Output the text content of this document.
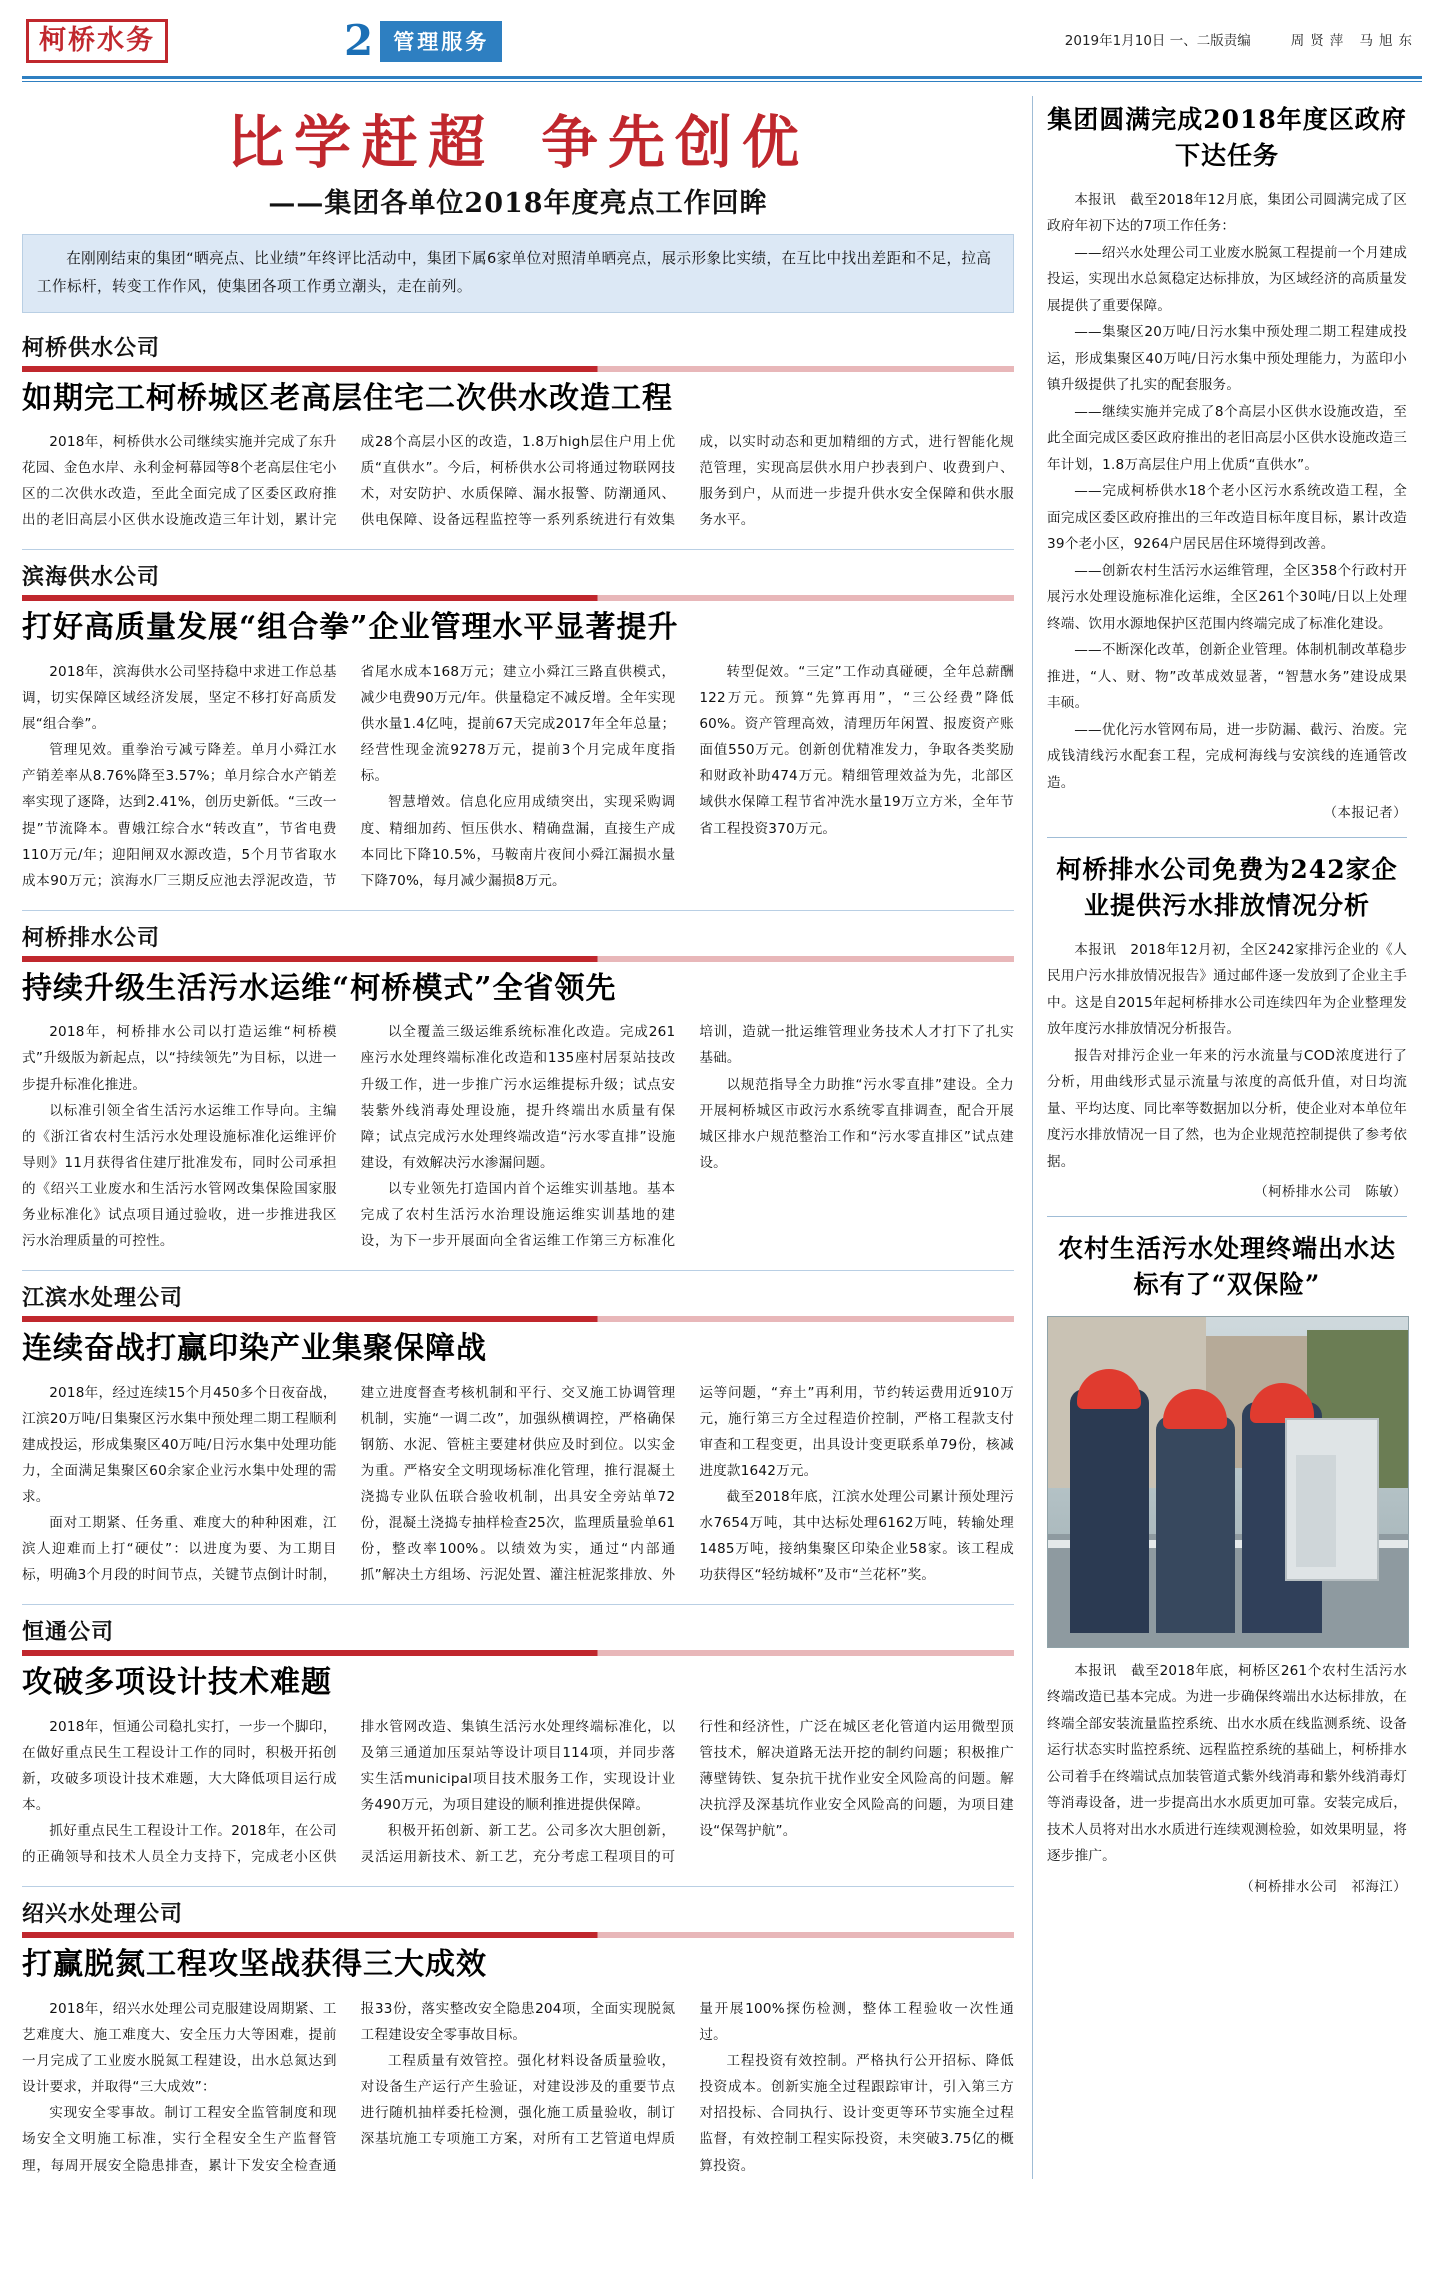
柯桥水务	2 管理服务	2019年1月10日 一、二版责编	周贤萍 马旭东
比学赶超 争先创优
——集团各单位2018年度亮点工作回眸
在刚刚结束的集团“晒亮点、比业绩”年终评比活动中，集团下属6家单位对照清单晒亮点，展示形象比实绩，在互比中找出差距和不足，拉高工作标杆，转变工作作风，使集团各项工作勇立潮头，走在前列。
柯桥供水公司
如期完工柯桥城区老高层住宅二次供水改造工程

2018年，柯桥供水公司继续实施并完成了东升花园、金色水岸、永利金柯幕园等8个老高层住宅小区的二次供水改造，至此全面完成了区委区政府推出的老旧高层小区供水设施改造三年计划，累计完成28个高层小区的改造，1.8万high层住户用上优质“直供水”。今后，柯桥供水公司将通过物联网技术，对安防护、水质保障、漏水报警、防潮通风、供电保障、设备远程监控等一系列系统进行有效集成，以实时动态和更加精细的方式，进行智能化规范管理，实现高层供水用户抄表到户、收费到户、服务到户，从而进一步提升供水安全保障和供水服务水平。

滨海供水公司
打好高质量发展“组合拳”企业管理水平显著提升

2018年，滨海供水公司坚持稳中求进工作总基调，切实保障区域经济发展，坚定不移打好高质发展“组合拳”。

管理见效。重拳治亏减亏降差。单月小舜江水产销差率从8.76%降至3.57%；单月综合水产销差率实现了逐降，达到2.41%，创历史新低。“三改一提”节流降本。曹娥江综合水“转改直”，节省电费110万元/年；迎阳闸双水源改造，5个月节省取水成本90万元；滨海水厂三期反应池去浮泥改造，节省尾水成本168万元；建立小舜江三路直供模式，减少电费90万元/年。供量稳定不减反增。全年实现供水量1.4亿吨，提前67天完成2017年全年总量；经营性现金流9278万元，提前3个月完成年度指标。

智慧增效。信息化应用成绩突出，实现采购调度、精细加药、恒压供水、精确盘漏，直接生产成本同比下降10.5%，马鞍南片夜间小舜江漏损水量下降70%，每月减少漏损8万元。

转型促效。“三定”工作动真碰硬，全年总薪酬122万元。预算“先算再用”，“三公经费”降低60%。资产管理高效，清理历年闲置、报废资产账面值550万元。创新创优精准发力，争取各类奖励和财政补助474万元。精细管理效益为先，北部区域供水保障工程节省冲洗水量19万立方米，全年节省工程投资370万元。

柯桥排水公司
持续升级生活污水运维“柯桥模式”全省领先

2018年，柯桥排水公司以打造运维“柯桥模式”升级版为新起点，以“持续领先”为目标，以进一步提升标准化推进。

以标准引领全省生活污水运维工作导向。主编的《浙江省农村生活污水处理设施标准化运维评价导则》11月获得省住建厅批准发布，同时公司承担的《绍兴工业废水和生活污水管网改集保险国家服务业标准化》试点项目通过验收，进一步推进我区污水治理质量的可控性。

以全覆盖三级运维系统标准化改造。完成261座污水处理终端标准化改造和135座村居泵站技改升级工作，进一步推广污水运维提标升级；试点安装紫外线消毒处理设施，提升终端出水质量有保障；试点完成污水处理终端改造“污水零直排”设施建设，有效解决污水渗漏问题。

以专业领先打造国内首个运维实训基地。基本完成了农村生活污水治理设施运维实训基地的建设，为下一步开展面向全省运维工作第三方标准化培训，造就一批运维管理业务技术人才打下了扎实基础。

以规范指导全力助推“污水零直排”建设。全力开展柯桥城区市政污水系统零直排调查，配合开展城区排水户规范整治工作和“污水零直排区”试点建设。

江滨水处理公司
连续奋战打赢印染产业集聚保障战

2018年，经过连续15个月450多个日夜奋战，江滨20万吨/日集聚区污水集中预处理二期工程顺利建成投运，形成集聚区40万吨/日污水集中处理功能力，全面满足集聚区60余家企业污水集中处理的需求。

面对工期紧、任务重、难度大的种种困难，江滨人迎难而上打“硬仗”：以进度为要、为工期目标，明确3个月段的时间节点，关键节点倒计时制，建立进度督查考核机制和平行、交叉施工协调管理机制，实施“一调二改”，加强纵横调控，严格确保钢筋、水泥、管桩主要建材供应及时到位。以实金为重。严格安全文明现场标准化管理，推行混凝土浇捣专业队伍联合验收机制，出具安全旁站单72份，混凝土浇捣专抽样检查25次，监理质量验单61份，整改率100%。以绩效为实，通过“内部通抓”解决土方组场、污泥处置、灌注桩泥浆排放、外运等问题，“弃土”再利用，节约转运费用近910万元，施行第三方全过程造价控制，严格工程款支付审查和工程变更，出具设计变更联系单79份，核减进度款1642万元。

截至2018年底，江滨水处理公司累计预处理污水7654万吨，其中达标处理6162万吨，转输处理1485万吨，接纳集聚区印染企业58家。该工程成功获得区“轻纺城杯”及市“兰花杯”奖。

恒通公司
攻破多项设计技术难题

2018年，恒通公司稳扎实打，一步一个脚印，在做好重点民生工程设计工作的同时，积极开拓创新，攻破多项设计技术难题，大大降低项目运行成本。

抓好重点民生工程设计工作。2018年，在公司的正确领导和技术人员全力支持下，完成老小区供排水管网改造、集镇生活污水处理终端标准化，以及第三通道加压泵站等设计项目114项，并同步落实生活municipal项目技术服务工作，实现设计业务490万元，为项目建设的顺利推进提供保障。

积极开拓创新、新工艺。公司多次大胆创新，灵活运用新技术、新工艺，充分考虑工程项目的可行性和经济性，广泛在城区老化管道内运用微型顶管技术，解决道路无法开挖的制约问题；积极推广薄壁铸铁、复杂抗干扰作业安全风险高的问题。解决抗浮及深基坑作业安全风险高的问题，为项目建设“保驾护航”。

绍兴水处理公司
打赢脱氮工程攻坚战获得三大成效

2018年，绍兴水处理公司克服建设周期紧、工艺难度大、施工难度大、安全压力大等困难，提前一月完成了工业废水脱氮工程建设，出水总氮达到设计要求，并取得“三大成效”：

实现安全零事故。制订工程安全监管制度和现场安全文明施工标准，实行全程安全生产监督管理，每周开展安全隐患排查，累计下发安全检查通报33份，落实整改安全隐患204项，全面实现脱氮工程建设安全零事故目标。

工程质量有效管控。强化材料设备质量验收，对设备生产运行产生验证，对建设涉及的重要节点进行随机抽样委托检测，强化施工质量验收，制订深基坑施工专项施工方案，对所有工艺管道电焊质量开展100%探伤检测，整体工程验收一次性通过。

工程投资有效控制。严格执行公开招标、降低投资成本。创新实施全过程跟踪审计，引入第三方对招投标、合同执行、设计变更等环节实施全过程监督，有效控制工程实际投资，未突破3.75亿的概算投资。

集团圆满完成2018年度区政府下达任务

本报讯　截至2018年12月底，集团公司圆满完成了区政府年初下达的7项工作任务：

——绍兴水处理公司工业废水脱氮工程提前一个月建成投运，实现出水总氮稳定达标排放，为区域经济的高质量发展提供了重要保障。

——集聚区20万吨/日污水集中预处理二期工程建成投运，形成集聚区40万吨/日污水集中预处理能力，为蓝印小镇升级提供了扎实的配套服务。

——继续实施并完成了8个高层小区供水设施改造，至此全面完成区委区政府推出的老旧高层小区供水设施改造三年计划，1.8万高层住户用上优质“直供水”。

——完成柯桥供水18个老小区污水系统改造工程，全面完成区委区政府推出的三年改造目标年度目标，累计改造39个老小区，9264户居民居住环境得到改善。

——创新农村生活污水运维管理，全区358个行政村开展污水处理设施标准化运维，全区261个30吨/日以上处理终端、饮用水源地保护区范围内终端完成了标准化建设。

——不断深化改革，创新企业管理。体制机制改革稳步推进，“人、财、物”改革成效显著，“智慧水务”建设成果丰硕。

——优化污水管网布局，进一步防漏、截污、治废。完成钱清线污水配套工程，完成柯海线与安滨线的连通管改造。

（本报记者）
柯桥排水公司免费为242家企业提供污水排放情况分析

本报讯　2018年12月初，全区242家排污企业的《人民用户污水排放情况报告》通过邮件逐一发放到了企业主手中。这是自2015年起柯桥排水公司连续四年为企业整理发放年度污水排放情况分析报告。

报告对排污企业一年来的污水流量与COD浓度进行了分析，用曲线形式显示流量与浓度的高低升值，对日均流量、平均达度、同比率等数据加以分析，使企业对本单位年度污水排放情况一目了然，也为企业规范控制提供了参考依据。

（柯桥排水公司　陈敏）
农村生活污水处理终端出水达标有了“双保险”

本报讯　截至2018年底，柯桥区261个农村生活污水终端改造已基本完成。为进一步确保终端出水达标排放，在终端全部安装流量监控系统、出水水质在线监测系统、设备运行状态实时监控系统、远程监控系统的基础上，柯桥排水公司着手在终端试点加装管道式紫外线消毒和紫外线消毒灯等消毒设备，进一步提高出水水质更加可靠。安装完成后，技术人员将对出水水质进行连续观测检验，如效果明显，将逐步推广。

（柯桥排水公司　祁海江）
